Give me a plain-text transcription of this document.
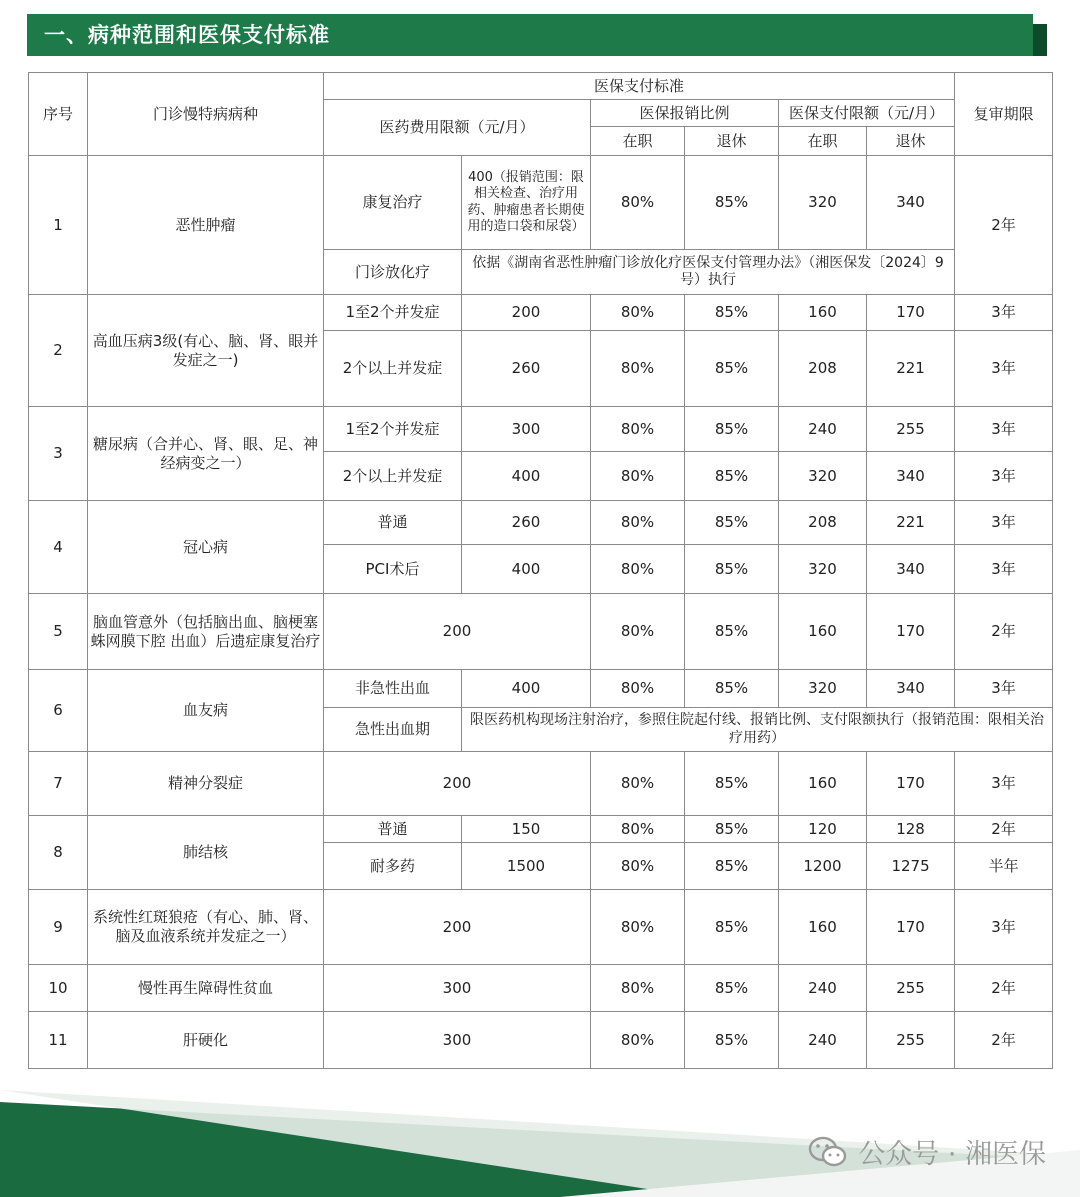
一、病种范围和医保支付标准
序号	门诊慢特病病种	医保支付标准						复审期限
		医药费用限额（元/月）		医保报销比例		医保支付限额（元/月）		
				在职	退休	在职	退休	
1	恶性肿瘤	康复治疗	400（报销范围：限相关检查、治疗用药、肿瘤患者长期使用的造口袋和尿袋）	80%	85%	320	340	2年
		门诊放化疗	依据《湖南省恶性肿瘤门诊放化疗医保支付管理办法》（湘医保发〔2024〕9号）执行					
2	高血压病3级(有心、脑、肾、眼并发症之一)	1至2个并发症	200	80%	85%	160	170	3年
		2个以上并发症	260	80%	85%	208	221	3年
3	糖尿病（合并心、肾、眼、足、神经病变之一）	1至2个并发症	300	80%	85%	240	255	3年
		2个以上并发症	400	80%	85%	320	340	3年
4	冠心病	普通	260	80%	85%	208	221	3年
		PCI术后	400	80%	85%	320	340	3年
5	脑血管意外（包括脑出血、脑梗塞蛛网膜下腔 出血）后遗症康复治疗	200		80%	85%	160	170	2年
6	血友病	非急性出血	400	80%	85%	320	340	3年
		急性出血期	限医药机构现场注射治疗，参照住院起付线、报销比例、支付限额执行（报销范围：限相关治疗用药）					
7	精神分裂症	200		80%	85%	160	170	3年
8	肺结核	普通	150	80%	85%	120	128	2年
		耐多药	1500	80%	85%	1200	1275	半年
9	系统性红斑狼疮（有心、肺、肾、脑及血液系统并发症之一）	200		80%	85%	160	170	3年
10	慢性再生障碍性贫血	300		80%	85%	240	255	2年
11	肝硬化	300		80%	85%	240	255	2年
公众号 · 湘医保
